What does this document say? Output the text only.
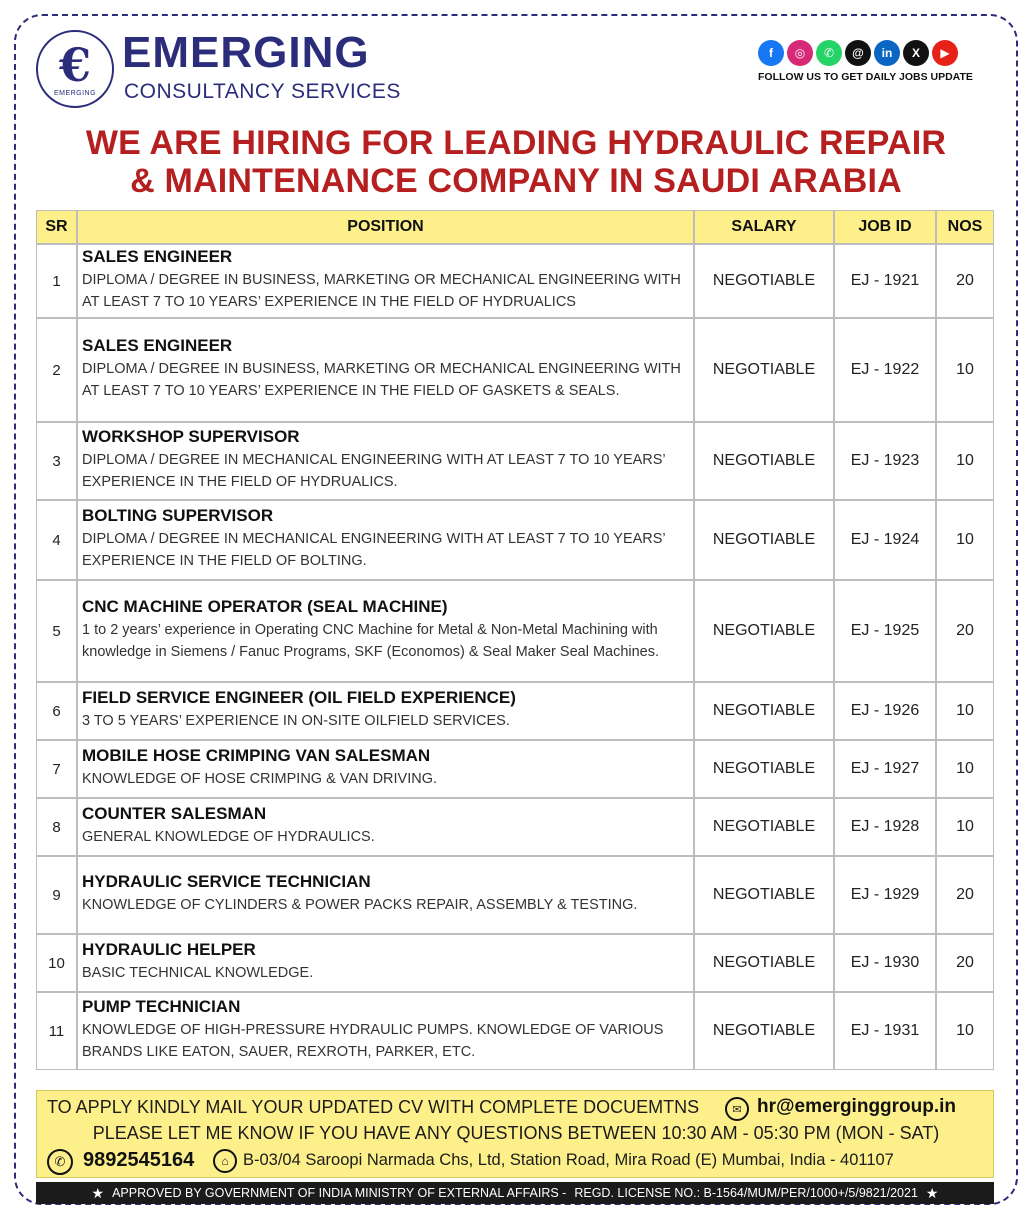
€
EMERGING
EMERGING
CONSULTANCY SERVICES
f	◎	✆	@	in	X	▶
FOLLOW US TO GET DAILY JOBS UPDATE
WE ARE HIRING FOR LEADING HYDRAULIC REPAIR
& MAINTENANCE COMPANY IN SAUDI ARABIA
SR	POSITION	SALARY	JOB ID	NOS
1	SALES ENGINEER
DIPLOMA / DEGREE IN BUSINESS, MARKETING OR MECHANICAL ENGINEERING WITH AT LEAST 7 TO 10 YEARS’ EXPERIENCE IN THE FIELD OF HYDRUALICS	NEGOTIABLE	EJ - 1921	20
2	SALES ENGINEER
DIPLOMA / DEGREE IN BUSINESS, MARKETING OR MECHANICAL ENGINEERING WITH AT LEAST 7 TO 10 YEARS’ EXPERIENCE IN THE FIELD OF GASKETS & SEALS.	NEGOTIABLE	EJ - 1922	10
3	WORKSHOP SUPERVISOR
DIPLOMA / DEGREE IN MECHANICAL ENGINEERING WITH AT LEAST 7 TO 10 YEARS’ EXPERIENCE IN THE FIELD OF HYDRUALICS.	NEGOTIABLE	EJ - 1923	10
4	BOLTING SUPERVISOR
DIPLOMA / DEGREE IN MECHANICAL ENGINEERING WITH AT LEAST 7 TO 10 YEARS’ EXPERIENCE IN THE FIELD OF BOLTING.	NEGOTIABLE	EJ - 1924	10
5	CNC MACHINE OPERATOR (SEAL MACHINE)
1 to 2 years’ experience in Operating CNC Machine for Metal & Non-Metal Machining with knowledge in Siemens / Fanuc Programs, SKF (Economos) & Seal Maker Seal Machines.	NEGOTIABLE	EJ - 1925	20
6	FIELD SERVICE ENGINEER (OIL FIELD EXPERIENCE)
3 TO 5 YEARS’ EXPERIENCE IN ON-SITE OILFIELD SERVICES.	NEGOTIABLE	EJ - 1926	10
7	MOBILE HOSE CRIMPING VAN SALESMAN
KNOWLEDGE OF HOSE CRIMPING & VAN DRIVING.	NEGOTIABLE	EJ - 1927	10
8	COUNTER SALESMAN
GENERAL KNOWLEDGE OF HYDRAULICS.	NEGOTIABLE	EJ - 1928	10
9	HYDRAULIC SERVICE TECHNICIAN
KNOWLEDGE OF CYLINDERS & POWER PACKS REPAIR, ASSEMBLY & TESTING.	NEGOTIABLE	EJ - 1929	20
10	HYDRAULIC HELPER
BASIC TECHNICAL KNOWLEDGE.	NEGOTIABLE	EJ - 1930	20
11	PUMP TECHNICIAN
KNOWLEDGE OF HIGH-PRESSURE HYDRAULIC PUMPS. KNOWLEDGE OF VARIOUS BRANDS LIKE EATON, SAUER, REXROTH, PARKER, ETC.	NEGOTIABLE	EJ - 1931	10
TO APPLY KINDLY MAIL YOUR UPDATED CV WITH COMPLETE DOCUEMTNS	✉ hr@emerginggroup.in
PLEASE LET ME KNOW IF YOU HAVE ANY QUESTIONS BETWEEN 10:30 AM - 05:30 PM (MON - SAT)
✆ 9892545164	⌂ B-03/04 Saroopi Narmada Chs, Ltd, Station Road, Mira Road (E) Mumbai, India - 401107
★ APPROVED BY GOVERNMENT OF INDIA MINISTRY OF EXTERNAL AFFAIRS - REGD. LICENSE NO.: B-1564/MUM/PER/1000+/5/9821/2021 ★
